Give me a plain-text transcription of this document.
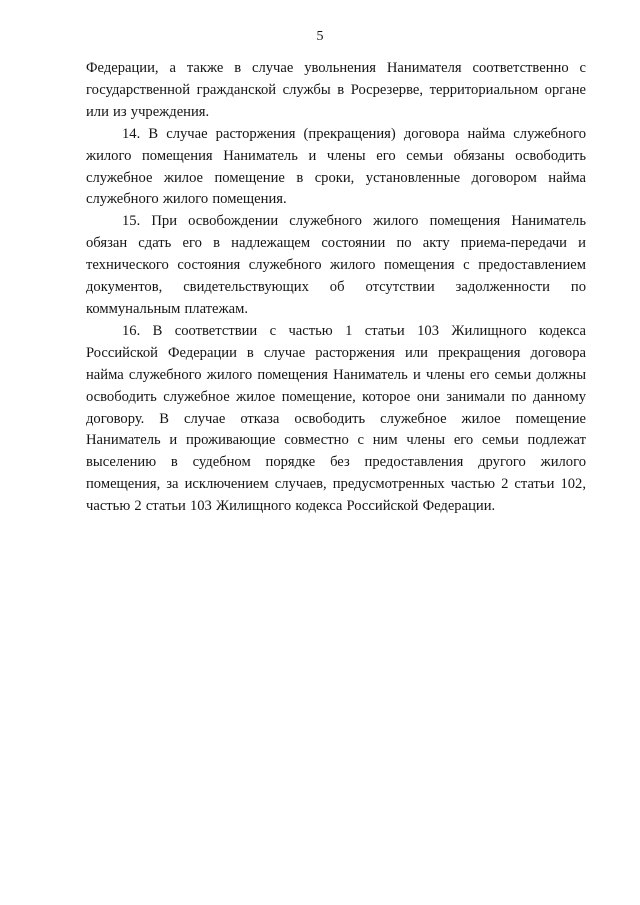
5

Федерации, а также в случае увольнения Нанимателя соответственно с государственной гражданской службы в Росрезерве, территориальном органе или из учреждения.

14. В случае расторжения (прекращения) договора найма служебного жилого помещения Наниматель и члены его семьи обязаны освободить служебное жилое помещение в сроки, установленные договором найма служебного жилого помещения.

15. При освобождении служебного жилого помещения Наниматель обязан сдать его в надлежащем состоянии по акту приема-передачи и технического состояния служебного жилого помещения с предоставлением документов, свидетельствующих об отсутствии задолженности по коммунальным платежам.

16. В соответствии с частью 1 статьи 103 Жилищного кодекса Российской Федерации в случае расторжения или прекращения договора найма служебного жилого помещения Наниматель и члены его семьи должны освободить служебное жилое помещение, которое они занимали по данному договору. В случае отказа освободить служебное жилое помещение Наниматель и проживающие совместно с ним члены его семьи подлежат выселению в судебном порядке без предоставления другого жилого помещения, за исключением случаев, предусмотренных частью 2 статьи 102, частью 2 статьи 103 Жилищного кодекса Российской Федерации.
